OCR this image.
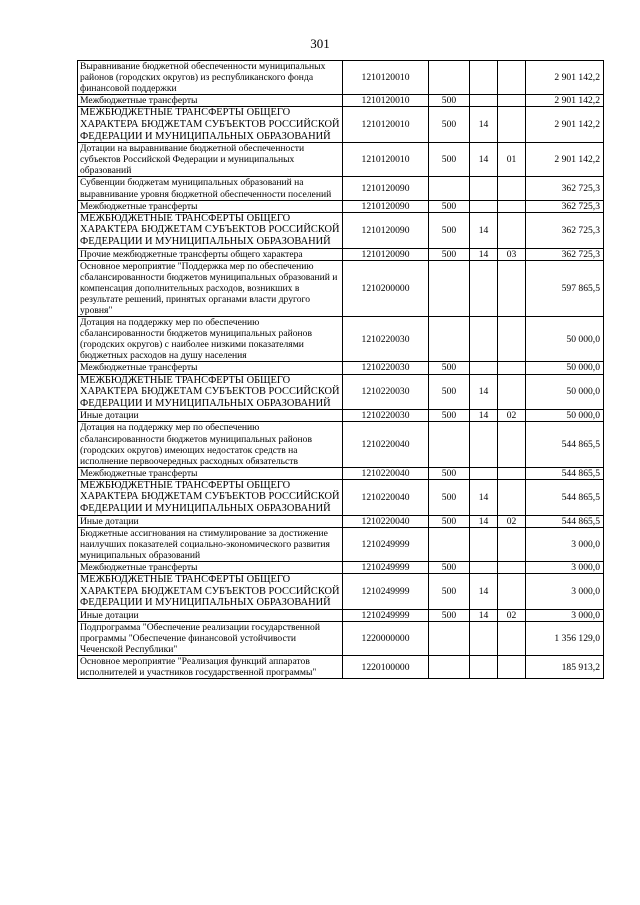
301
Выравнивание бюджетной обеспеченности муниципальных районов (городских округов) из республиканского фонда финансовой поддержки	1210120010				2 901 142,2
Межбюджетные трансферты	1210120010	500			2 901 142,2
МЕЖБЮДЖЕТНЫЕ ТРАНСФЕРТЫ ОБЩЕГО ХАРАКТЕРА БЮДЖЕТАМ СУБЪЕКТОВ РОССИЙСКОЙ ФЕДЕРАЦИИ И МУНИЦИПАЛЬНЫХ ОБРАЗОВАНИЙ	1210120010	500	14		2 901 142,2
Дотации на выравнивание бюджетной обеспеченности субъектов Российской Федерации и муниципальных образований	1210120010	500	14	01	2 901 142,2
Субвенции бюджетам муниципальных образований на выравнивание уровня бюджетной обеспеченности поселений	1210120090				362 725,3
Межбюджетные трансферты	1210120090	500			362 725,3
МЕЖБЮДЖЕТНЫЕ ТРАНСФЕРТЫ ОБЩЕГО ХАРАКТЕРА БЮДЖЕТАМ СУБЪЕКТОВ РОССИЙСКОЙ ФЕДЕРАЦИИ И МУНИЦИПАЛЬНЫХ ОБРАЗОВАНИЙ	1210120090	500	14		362 725,3
Прочие межбюджетные трансферты общего характера	1210120090	500	14	03	362 725,3
Основное мероприятие "Поддержка мер по обеспечению сбалансированности бюджетов муниципальных образований и компенсация дополнительных расходов, возникших в результате решений, принятых органами власти другого уровня"	1210200000				597 865,5
Дотация на поддержку мер по обеспечению сбалансированности бюджетов муниципальных районов (городских округов) с наиболее низкими показателями бюджетных расходов на душу населения	1210220030				50 000,0
Межбюджетные трансферты	1210220030	500			50 000,0
МЕЖБЮДЖЕТНЫЕ ТРАНСФЕРТЫ ОБЩЕГО ХАРАКТЕРА БЮДЖЕТАМ СУБЪЕКТОВ РОССИЙСКОЙ ФЕДЕРАЦИИ И МУНИЦИПАЛЬНЫХ ОБРАЗОВАНИЙ	1210220030	500	14		50 000,0
Иные дотации	1210220030	500	14	02	50 000,0
Дотация на поддержку мер по обеспечению сбалансированности бюджетов муниципальных районов (городских округов) имеющих недостаток средств на исполнение первоочередных расходных обязательств	1210220040				544 865,5
Межбюджетные трансферты	1210220040	500			544 865,5
МЕЖБЮДЖЕТНЫЕ ТРАНСФЕРТЫ ОБЩЕГО ХАРАКТЕРА БЮДЖЕТАМ СУБЪЕКТОВ РОССИЙСКОЙ ФЕДЕРАЦИИ И МУНИЦИПАЛЬНЫХ ОБРАЗОВАНИЙ	1210220040	500	14		544 865,5
Иные дотации	1210220040	500	14	02	544 865,5
Бюджетные ассигнования на стимулирование за достижение наилучших показателей социально-экономического развития муниципальных образований	1210249999				3 000,0
Межбюджетные трансферты	1210249999	500			3 000,0
МЕЖБЮДЖЕТНЫЕ ТРАНСФЕРТЫ ОБЩЕГО ХАРАКТЕРА БЮДЖЕТАМ СУБЪЕКТОВ РОССИЙСКОЙ ФЕДЕРАЦИИ И МУНИЦИПАЛЬНЫХ ОБРАЗОВАНИЙ	1210249999	500	14		3 000,0
Иные дотации	1210249999	500	14	02	3 000,0
Подпрограмма "Обеспечение реализации государственной программы "Обеспечение финансовой устойчивости Чеченской Республики"	1220000000				1 356 129,0
Основное мероприятие "Реализация функций аппаратов исполнителей и участников государственной программы"	1220100000				185 913,2
